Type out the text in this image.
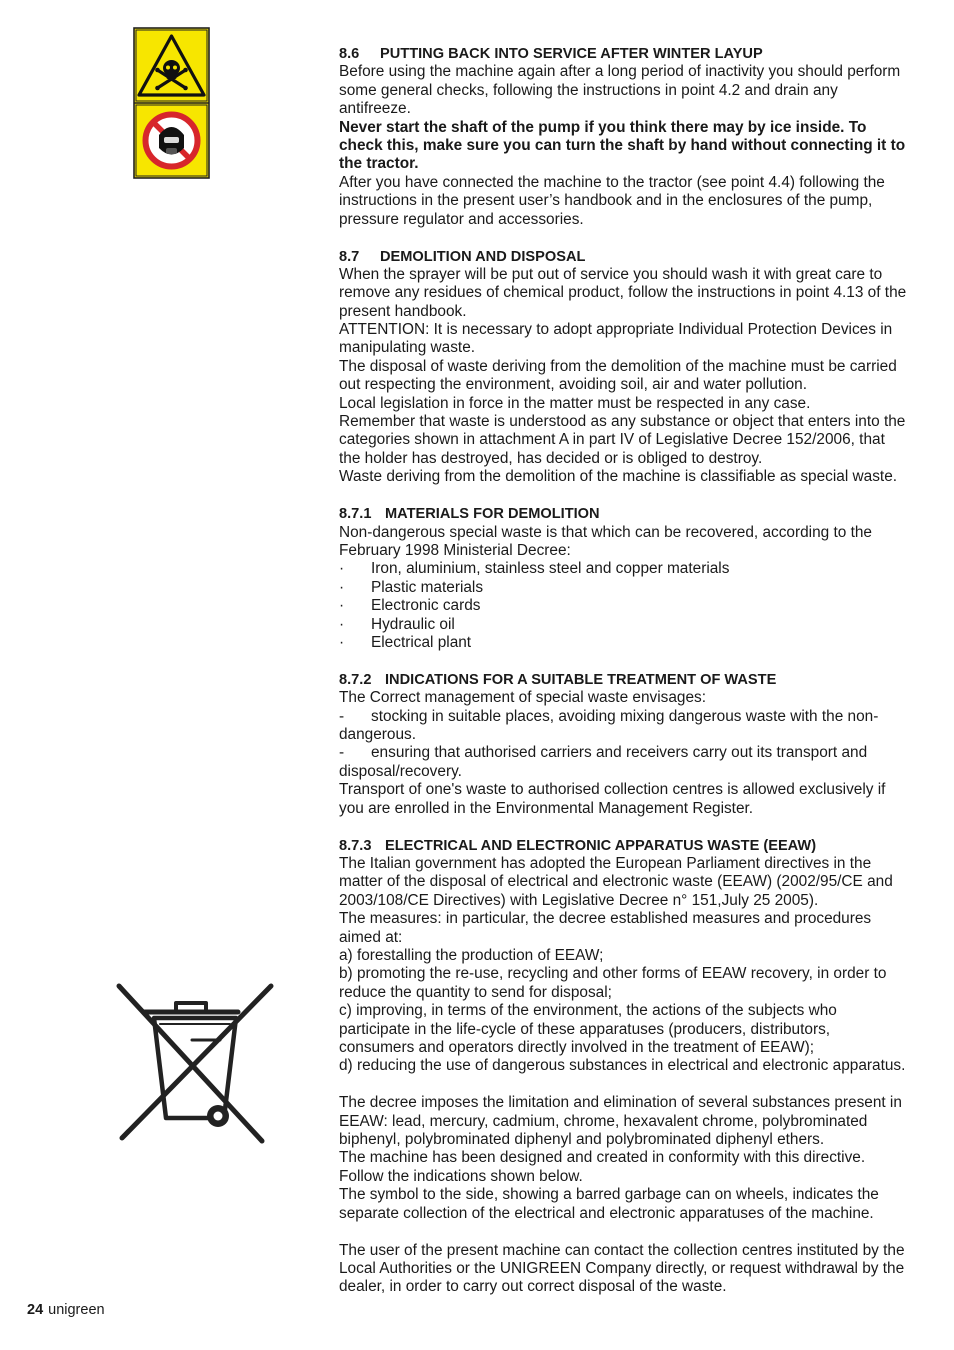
8.6 PUTTING BACK INTO SERVICE AFTER WINTER LAYUP
Before using the machine again after a long period of inactivity you should perform
some general checks, following the instructions in point 4.2 and drain any
antifreeze.
Never start the shaft of the pump if you think there may by ice inside. To
check this, make sure you can turn the shaft by hand without connecting it to
the tractor.
After you have connected the machine to the tractor (see point 4.4) following the
instructions in the present user’s handbook and in the enclosures of the pump,
pressure regulator and accessories.
8.7 DEMOLITION AND DISPOSAL
When the sprayer will be put out of service you should wash it with great care to
remove any residues of chemical product, follow the instructions in point 4.13 of the
present handbook.
ATTENTION: It is necessary to adopt appropriate Individual Protection Devices in
manipulating waste.
The disposal of waste deriving from the demolition of the machine must be carried
out respecting the environment, avoiding soil, air and water pollution.
Local legislation in force in the matter must be respected in any case.
Remember that waste is understood as any substance or object that enters into the
categories shown in attachment A in part IV of Legislative Decree 152/2006, that
the holder has destroyed, has decided or is obliged to destroy.
Waste deriving from the demolition of the machine is classifiable as special waste.
8.7.1 MATERIALS FOR DEMOLITION
Non-dangerous special waste is that which can be recovered, according to the
February 1998 Ministerial Decree:
· Iron, aluminium, stainless steel and copper materials
· Plastic materials
· Electronic cards
· Hydraulic oil
· Electrical plant
8.7.2 INDICATIONS FOR A SUITABLE TREATMENT OF WASTE
The Correct management of special waste envisages:
- stocking in suitable places, avoiding mixing dangerous waste with the non-
dangerous.
- ensuring that authorised carriers and receivers carry out its transport and
disposal/recovery.
Transport of one's waste to authorised collection centres is allowed exclusively if
you are enrolled in the Environmental Management Register.
8.7.3 ELECTRICAL AND ELECTRONIC APPARATUS WASTE (EEAW)
The Italian government has adopted the European Parliament directives in the
matter of the disposal of electrical and electronic waste (EEAW) (2002/95/CE and
2003/108/CE Directives) with Legislative Decree n° 151,July 25 2005).
The measures: in particular, the decree established measures and procedures
aimed at:
a) forestalling the production of EEAW;
b) promoting the re-use, recycling and other forms of EEAW recovery, in order to
reduce the quantity to send for disposal;
c) improving, in terms of the environment, the actions of the subjects who
participate in the life-cycle of these apparatuses (producers, distributors,
consumers and operators directly involved in the treatment of EEAW);
d) reducing the use of dangerous substances in electrical and electronic apparatus.
The decree imposes the limitation and elimination of several substances present in
EEAW: lead, mercury, cadmium, chrome, hexavalent chrome, polybrominated
biphenyl, polybrominated diphenyl and polybrominated diphenyl ethers.
The machine has been designed and created in conformity with this directive.
Follow the indications shown below.
The symbol to the side, showing a barred garbage can on wheels, indicates the
separate collection of the electrical and electronic apparatuses of the machine.
The user of the present machine can contact the collection centres instituted by the
Local Authorities or the UNIGREEN Company directly, or request withdrawal by the
dealer, in order to carry out correct disposal of the waste.
24 unigreen
